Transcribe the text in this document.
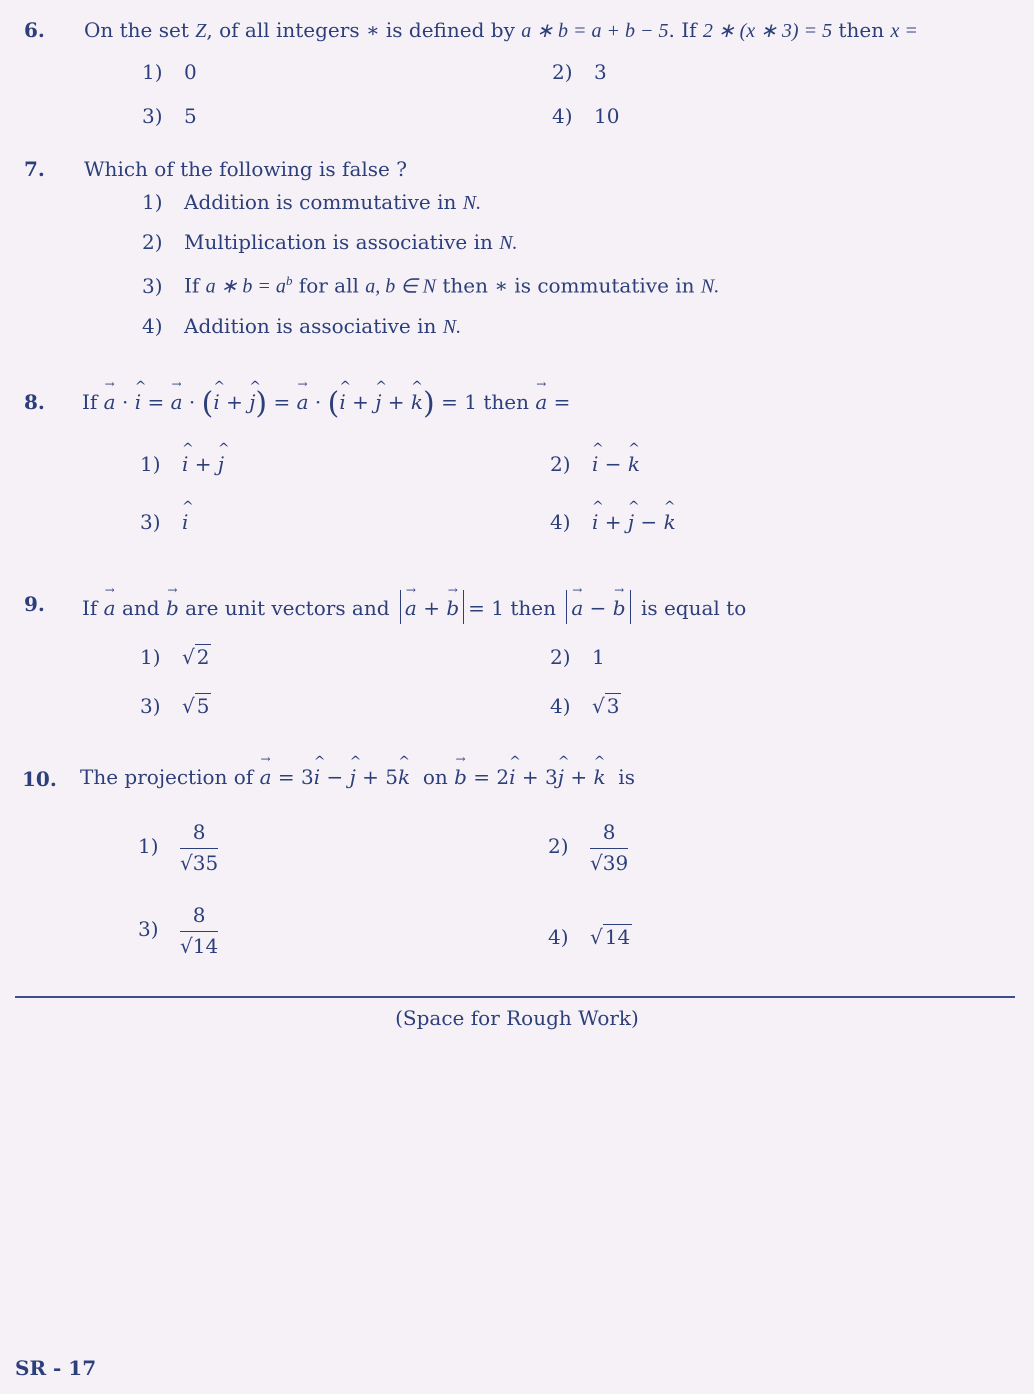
6. On the set Z, of all integers ∗ is defined by a ∗ b = a + b − 5. If 2 ∗ (x ∗ 3) = 5 then x =
1) 0	2) 3
3) 5	4) 10
7. Which of the following is false ?
1) Addition is commutative in N.
2) Multiplication is associative in N.
3) If a ∗ $b = a^b$ for all a, b ∈ N then ∗ is commutative in N.
4) Addition is associative in N.
8. If → a · ^ i = → a · (^ i + ^ j) = → a · (^ i + ^ j + ^ k) = 1 then → a =
1) ^ i + ^ j	2) ^ i − ^ k
3) ^ i	4) ^ i + ^ j − ^ k
9. If → a and → b are unit vectors and → a + → b = 1 then → a − → b is equal to
1) √ 2	2) 1
3) √ 5	4) √ 3
10. The projection of → a = 3^ i − ^ j + 5^ k on → b = 2^ i + 3^ j + ^ k is
$1) \frac{8}{√35}$	$2) \frac{8}{√39}$
$3) \frac{8}{√14}$	4) √ 14
(Space for Rough Work)
SR - 17
